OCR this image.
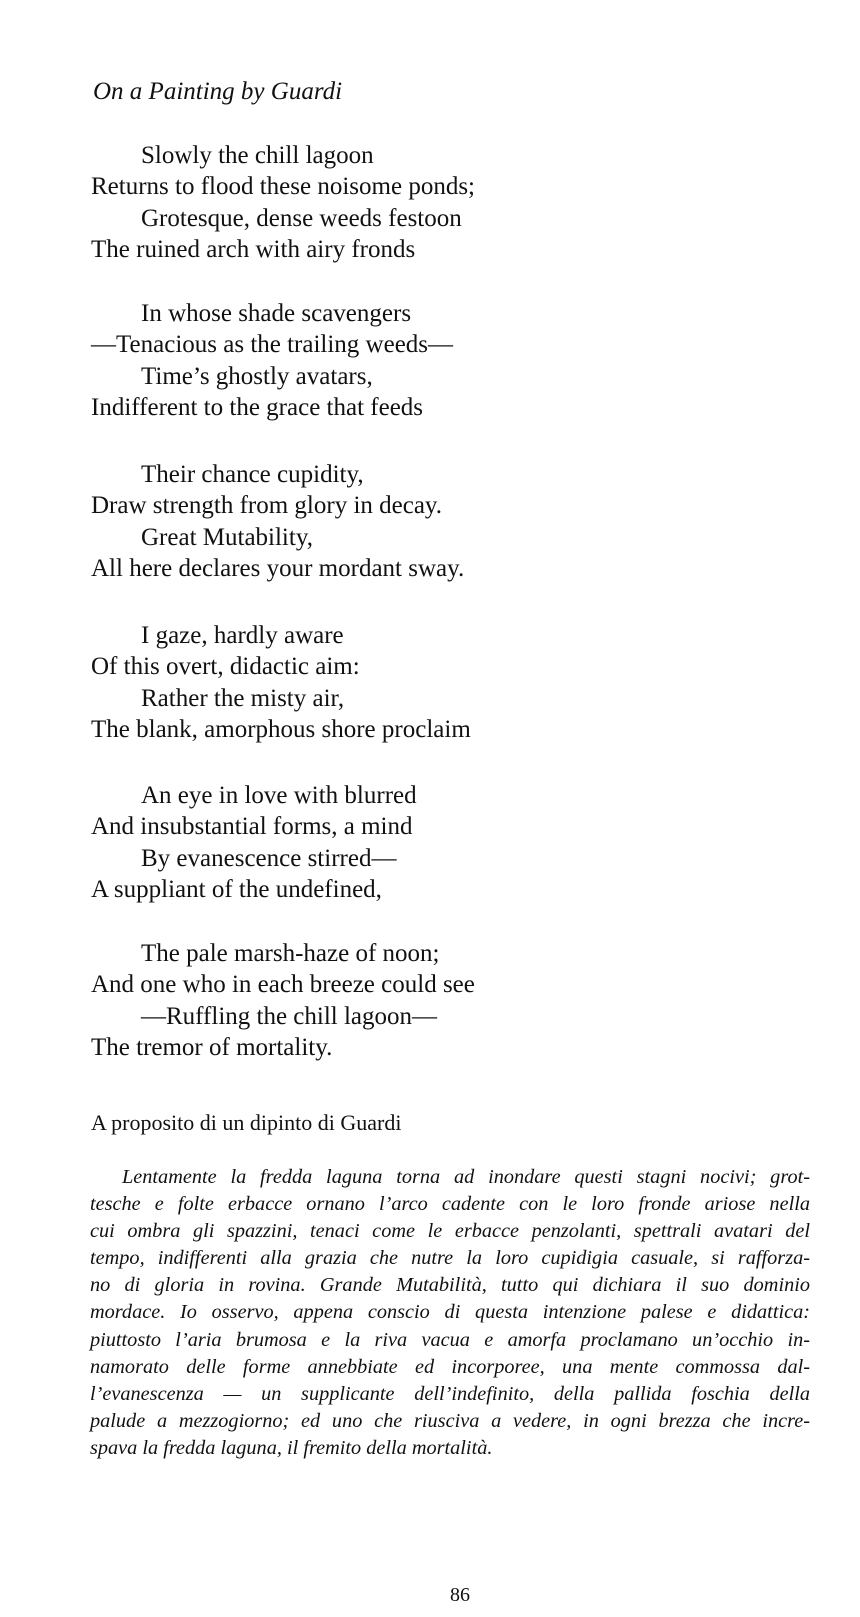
On a Painting by Guardi
Slowly the chill lagoon
Returns to flood these noisome ponds;
Grotesque, dense weeds festoon
The ruined arch with airy fronds
In whose shade scavengers
—Tenacious as the trailing weeds—
Time’s ghostly avatars,
Indifferent to the grace that feeds
Their chance cupidity,
Draw strength from glory in decay.
Great Mutability,
All here declares your mordant sway.
I gaze, hardly aware
Of this overt, didactic aim:
Rather the misty air,
The blank, amorphous shore proclaim
An eye in love with blurred
And insubstantial forms, a mind
By evanescence stirred—
A suppliant of the undefined,
The pale marsh-haze of noon;
And one who in each breeze could see
—Ruffling the chill lagoon—
The tremor of mortality.
A proposito di un dipinto di Guardi
Lentamente la fredda laguna torna ad inondare questi stagni nocivi; grot-
tesche e folte erbacce ornano l’arco cadente con le loro fronde ariose nella
cui ombra gli spazzini, tenaci come le erbacce penzolanti, spettrali avatari del
tempo, indifferenti alla grazia che nutre la loro cupidigia casuale, si rafforza-
no di gloria in rovina. Grande Mutabilità, tutto qui dichiara il suo dominio
mordace. Io osservo, appena conscio di questa intenzione palese e didattica:
piuttosto l’aria brumosa e la riva vacua e amorfa proclamano un’occhio in-
namorato delle forme annebbiate ed incorporee, una mente commossa dal-
l’evanescenza — un supplicante dell’indefinito, della pallida foschia della
palude a mezzogiorno; ed uno che riusciva a vedere, in ogni brezza che incre-
spava la fredda laguna, il fremito della mortalità.
86
